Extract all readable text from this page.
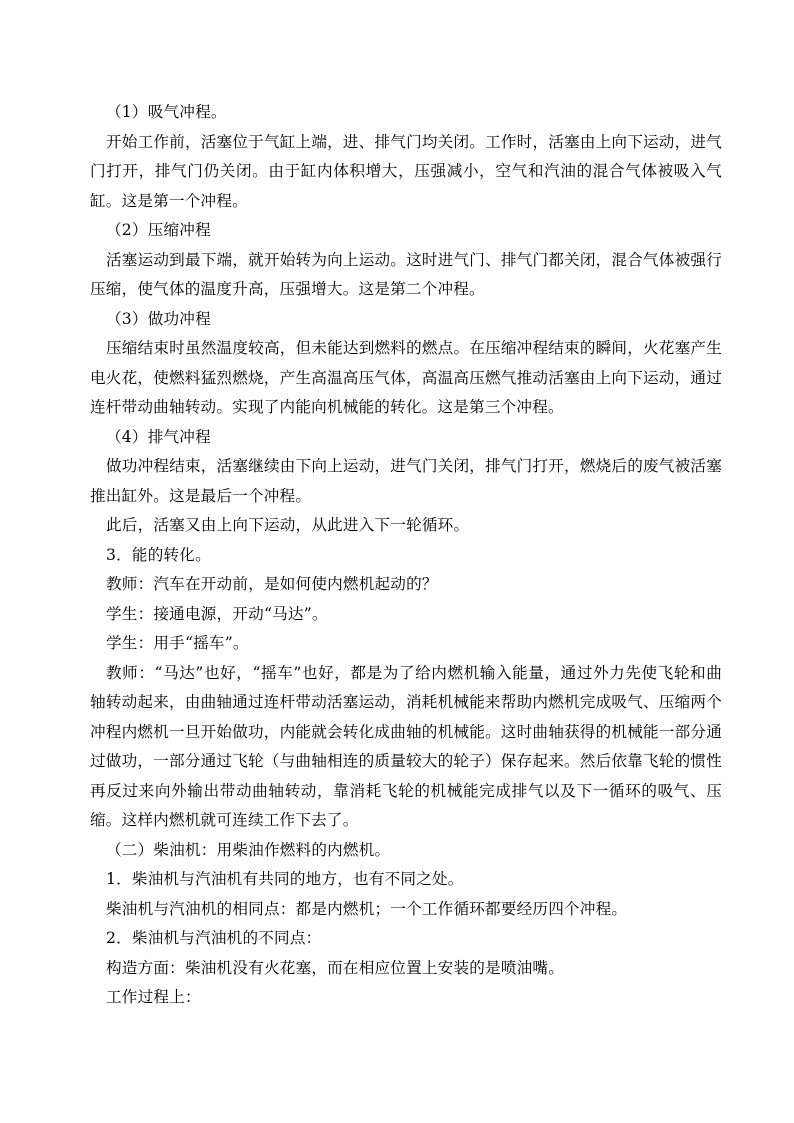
（1）吸气冲程。

开始工作前，活塞位于气缸上端，进、排气门均关闭。工作时，活塞由上向下运动，进气门打开，排气门仍关闭。由于缸内体积增大，压强减小，空气和汽油的混合气体被吸入气缸。这是第一个冲程。

（2）压缩冲程

活塞运动到最下端，就开始转为向上运动。这时进气门、排气门都关闭，混合气体被强行压缩，使气体的温度升高，压强增大。这是第二个冲程。

（3）做功冲程

压缩结束时虽然温度较高，但未能达到燃料的燃点。在压缩冲程结束的瞬间，火花塞产生电火花，使燃料猛烈燃烧，产生高温高压气体，高温高压燃气推动活塞由上向下运动，通过连杆带动曲轴转动。实现了内能向机械能的转化。这是第三个冲程。

（4）排气冲程

做功冲程结束，活塞继续由下向上运动，进气门关闭，排气门打开，燃烧后的废气被活塞推出缸外。这是最后一个冲程。

此后，活塞又由上向下运动，从此进入下一轮循环。

3．能的转化。

教师：汽车在开动前，是如何使内燃机起动的？

学生：接通电源，开动“马达”。

学生：用手“摇车”。

教师：“马达”也好，“摇车”也好，都是为了给内燃机输入能量，通过外力先使飞轮和曲轴转动起来，由曲轴通过连杆带动活塞运动，消耗机械能来帮助内燃机完成吸气、压缩两个冲程内燃机一旦开始做功，内能就会转化成曲轴的机械能。这时曲轴获得的机械能一部分通过做功，一部分通过飞轮（与曲轴相连的质量较大的轮子）保存起来。然后依靠飞轮的惯性再反过来向外输出带动曲轴转动，靠消耗飞轮的机械能完成排气以及下一循环的吸气、压缩。这样内燃机就可连续工作下去了。

（二）柴油机：用柴油作燃料的内燃机。

1．柴油机与汽油机有共同的地方，也有不同之处。

柴油机与汽油机的相同点：都是内燃机；一个工作循环都要经历四个冲程。

2．柴油机与汽油机的不同点：

构造方面：柴油机没有火花塞，而在相应位置上安装的是喷油嘴。

工作过程上：
